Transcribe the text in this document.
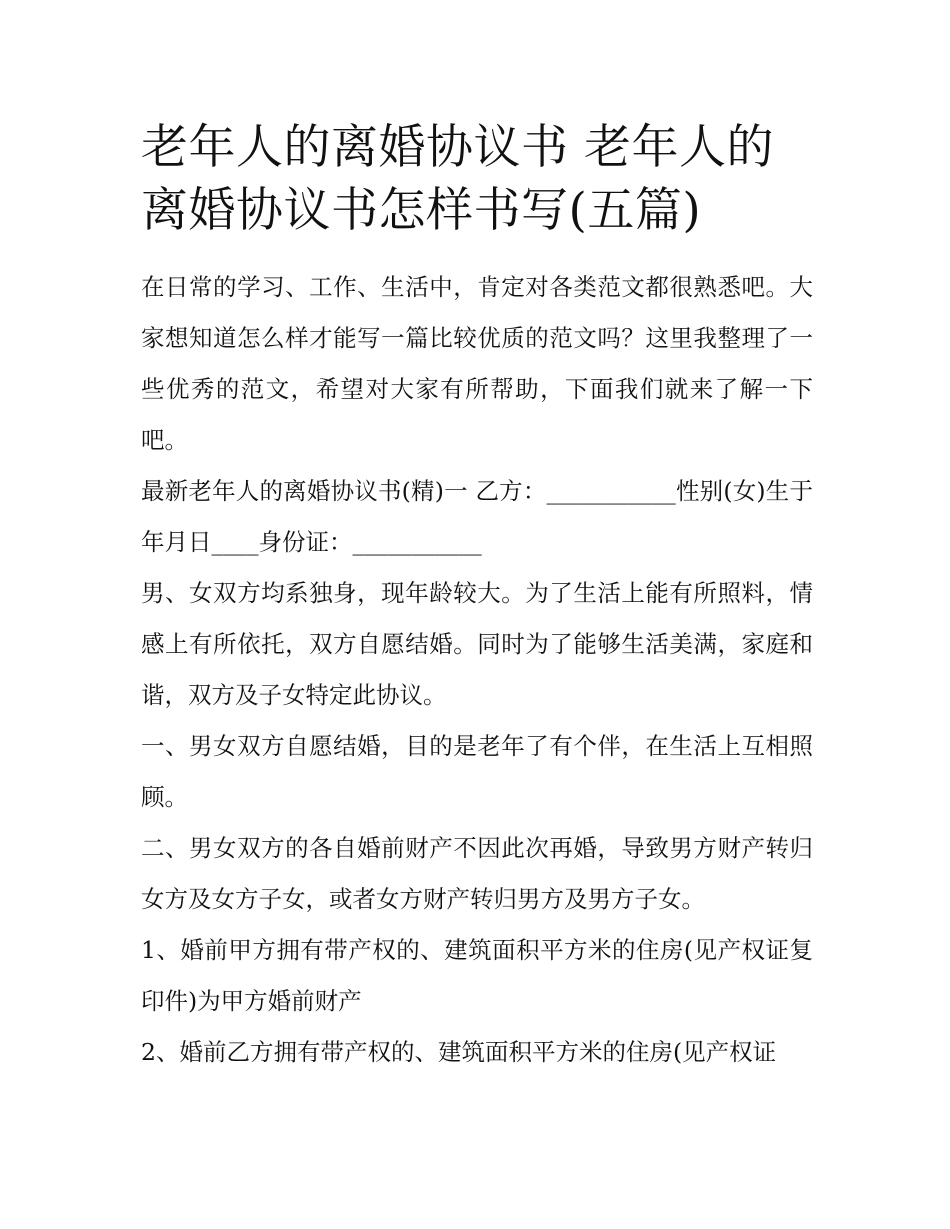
老年人的离婚协议书 老年人的
离婚协议书怎样书写(五篇)

在日常的学习、工作、生活中，肯定对各类范文都很熟悉吧。大家想知道怎么样才能写一篇比较优质的范文吗？这里我整理了一些优秀的范文，希望对大家有所帮助，下面我们就来了解一下吧。

最新老年人的离婚协议书(精)一 乙方：___________性别(女)生于年月日____身份证：___________

男、女双方均系独身，现年龄较大。为了生活上能有所照料，情感上有所依托，双方自愿结婚。同时为了能够生活美满，家庭和谐，双方及子女特定此协议。

一、男女双方自愿结婚，目的是老年了有个伴，在生活上互相照顾。

二、男女双方的各自婚前财产不因此次再婚，导致男方财产转归女方及女方子女，或者女方财产转归男方及男方子女。

1、婚前甲方拥有带产权的、建筑面积平方米的住房(见产权证复印件)为甲方婚前财产

2、婚前乙方拥有带产权的、建筑面积平方米的住房(见产权证
